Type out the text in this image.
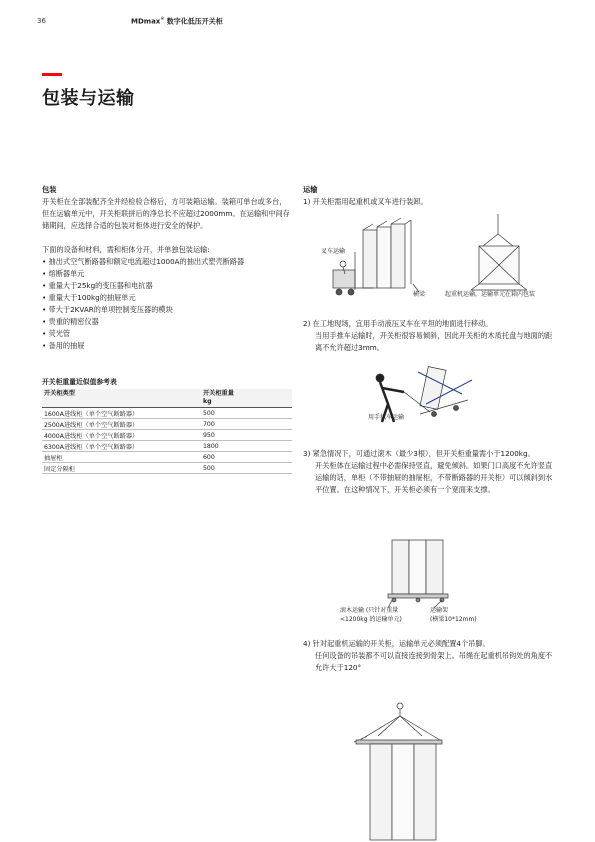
36	MDmax® 数字化低压开关柜
包装与运输

包装

开关柜在全部装配齐全并经检验合格后，方可装箱运输。装箱可单台或多台，但在运输单元中，开关柜联拼后的净总长不应超过2000mm。在运输和中间存储期间，应选择合适的包装对柜体进行安全的保护。

下面的设备和材料，需和柜体分开，并单独包装运输:

• 抽出式空气断路器和额定电流超过1000A的抽出式塑壳断路器
• 熔断器单元
• 重量大于25kg的变压器和电抗器
• 重量大于100kg的抽屉单元
• 带大于2KVAR的单项控制变压器的模块
• 贵重的精密仪器
• 荧光管
• 备用的抽屉
开关柜重量近似值参考表
开关柜类型	开关柜重量
kg
1600A进线柜（单个空气断路器）	500
2500A进线柜（单个空气断路器）	700
4000A进线柜（单个空气断路器）	950
6300A进线柜（单个空气断路器）	1800
抽屉柜	600
固定分隔柜	500

运输

1) 开关柜需用起重机或叉车进行装卸。

叉车运输
横梁	起重机运输，运输单元在箱内包装

2) 在工地现场，宜用手动液压叉车在平坦的地面进行移动。

当用手推车运输时，开关柜很容易倾斜，因此开关柜的木质托盘与地面的距离不允许超过3mm。

用手扒车运输

3) 紧急情况下，可通过滚木（最少3根），但开关柜重量需小于1200kg。

开关柜体在运输过程中必需保持竖直，避免倾斜。如果门口高度不允许竖直运输的话，单柜（不带抽屉的抽屉柜，不带断路器的开关柜）可以倾斜到水平位置。在这种情况下，开关柜必须有一个宽面来支撑。

滚木运输 (只针对重量
<1200kg 的运输单元)
运输架
(横梁10*12mm)

4) 针对起重机运输的开关柜，运输单元必须配置4个吊脚。

任何设备的吊装都不可以直接连接到骨架上。吊绳在起重机吊钩处的角度不允许大于120°
